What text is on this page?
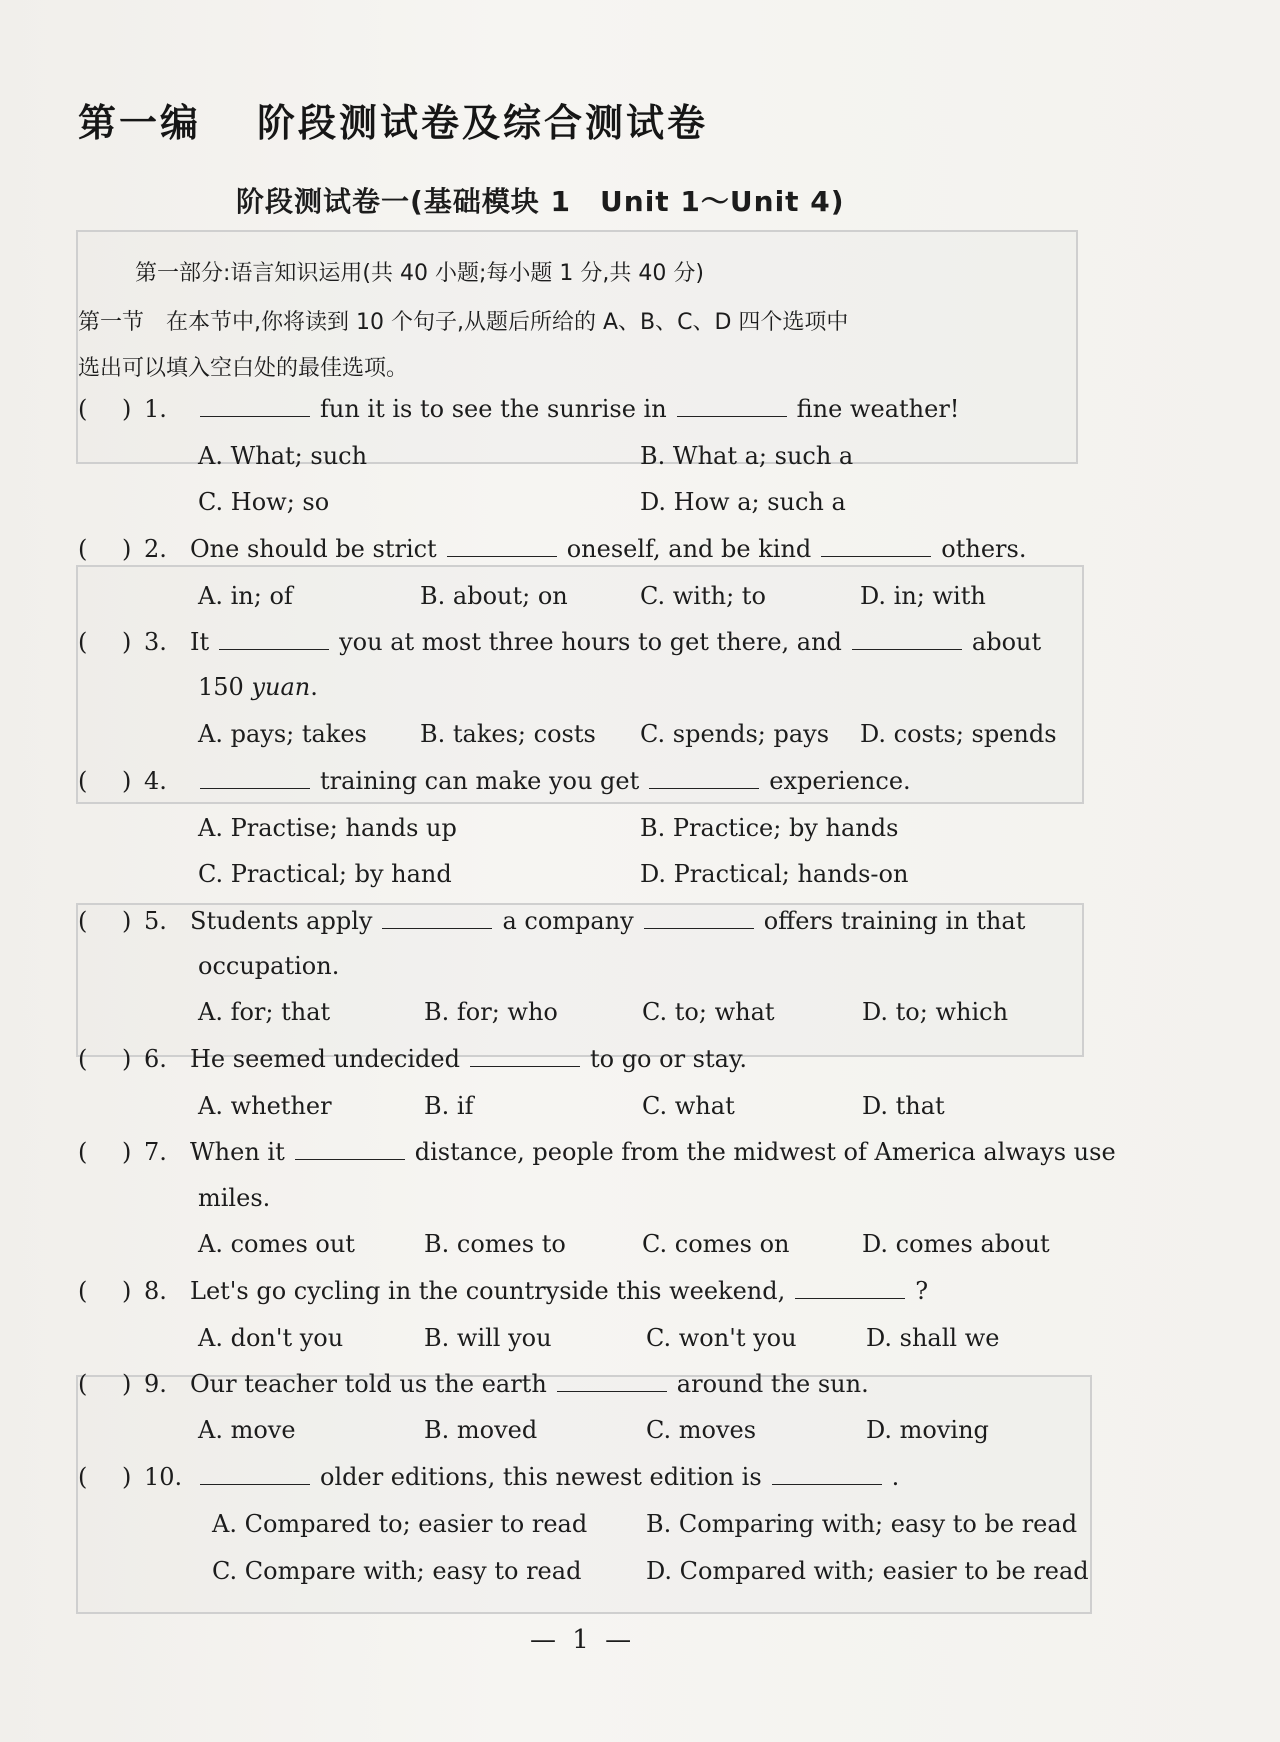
第一编 阶段测试卷及综合测试卷
阶段测试卷一(基础模块 1　Unit 1～Unit 4)
第一部分:语言知识运用(共 40 小题;每小题 1 分,共 40 分)
第一节　在本节中,你将读到 10 个句子,从题后所给的 A、B、C、D 四个选项中
选出可以填入空白处的最佳选项。
( ) 1.	fun it is to see the sunrise in	fine weather!
A. What; such	B. What a; such a
C. How; so	D. How a; such a
( ) 2. One should be strict	oneself, and be kind	others.
A. in; of	B. about; on	C. with; to	D. in; with
( ) 3. It	you at most three hours to get there, and	about
150 yuan.
A. pays; takes B. takes; costs C. spends; pays D. costs; spends
( ) 4.	training can make you get	experience.
A. Practise; hands up	B. Practice; by hands
C. Practical; by hand	D. Practical; hands-on
( ) 5. Students apply	a company	offers training in that
occupation.
A. for; that	B. for; who	C. to; what	D. to; which
( ) 6. He seemed undecided	to go or stay.
A. whether	B. if	C. what	D. that
( ) 7. When it	distance, people from the midwest of America always use
miles.
A. comes out	B. comes to	C. comes on	D. comes about
( ) 8. Let's go cycling in the countryside this weekend,	?
A. don't you	B. will you	C. won't you	D. shall we
( ) 9. Our teacher told us the earth	around the sun.
A. move	B. moved	C. moves	D. moving
( ) 10.	older editions, this newest edition is	.
A. Compared to; easier to read B. Comparing with; easy to be read
C. Compare with; easy to read	D. Compared with; easier to be read
— 1 —
